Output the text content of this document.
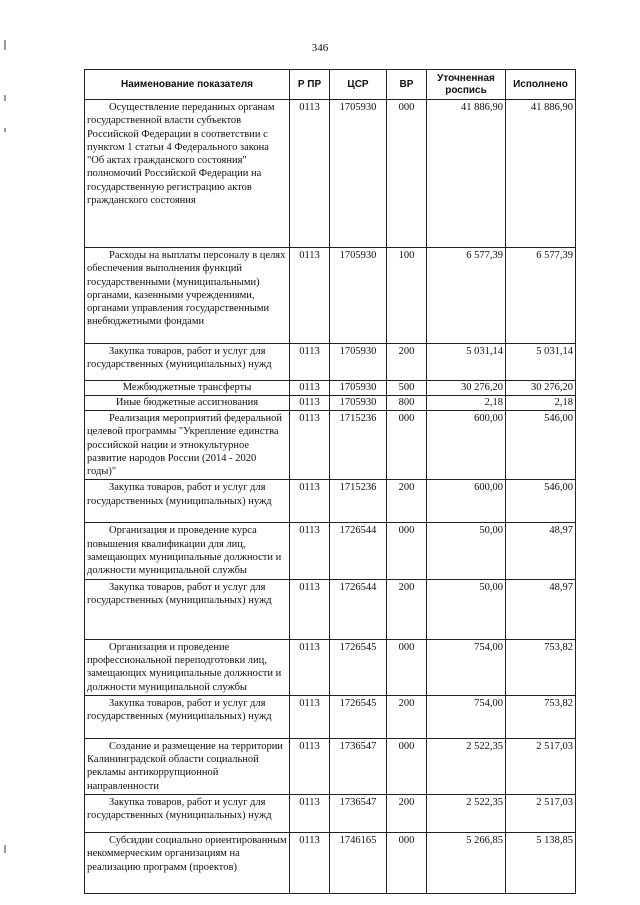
346
Наименование показателя	Р ПР	ЦСР	ВР	Уточненная роспись	Исполнено
Осуществление переданных органам государственной власти субъектов Российской Федерации в соответствии с пунктом 1 статьи 4 Федерального закона "Об актах гражданского состояния" полномочий Российской Федерации на государственную регистрацию актов гражданского состояния	0113	1705930	000	41 886,90	41 886,90
Расходы на выплаты персоналу в целях обеспечения выполнения функций государственными (муниципальными) органами, казенными учреждениями, органами управления государственными внебюджетными фондами	0113	1705930	100	6 577,39	6 577,39
Закупка товаров, работ и услуг для государственных (муниципальных) нужд	0113	1705930	200	5 031,14	5 031,14
Межбюджетные трансферты	0113	1705930	500	30 276,20	30 276,20
Иные бюджетные ассигнования	0113	1705930	800	2,18	2,18
Реализация мероприятий федеральной целевой программы "Укрепление единства российской нации и этнокультурное развитие народов России (2014 - 2020 годы)"	0113	1715236	000	600,00	546,00
Закупка товаров, работ и услуг для государственных (муниципальных) нужд	0113	1715236	200	600,00	546,00
Организация и проведение курса повышения квалификации для лиц, замещающих муниципальные должности и должности муниципальной службы	0113	1726544	000	50,00	48,97
Закупка товаров, работ и услуг для государственных (муниципальных) нужд	0113	1726544	200	50,00	48,97
Организация и проведение профессиональной переподготовки лиц, замещающих муниципальные должности и должности муниципальной службы	0113	1726545	000	754,00	753,82
Закупка товаров, работ и услуг для государственных (муниципальных) нужд	0113	1726545	200	754,00	753,82
Создание и размещение на территории Калининградской области социальной рекламы антикоррупционной направленности	0113	1736547	000	2 522,35	2 517,03
Закупка товаров, работ и услуг для государственных (муниципальных) нужд	0113	1736547	200	2 522,35	2 517,03
Субсидии социально ориентированным некоммерческим организациям на реализацию программ (проектов)	0113	1746165	000	5 266,85	5 138,85
